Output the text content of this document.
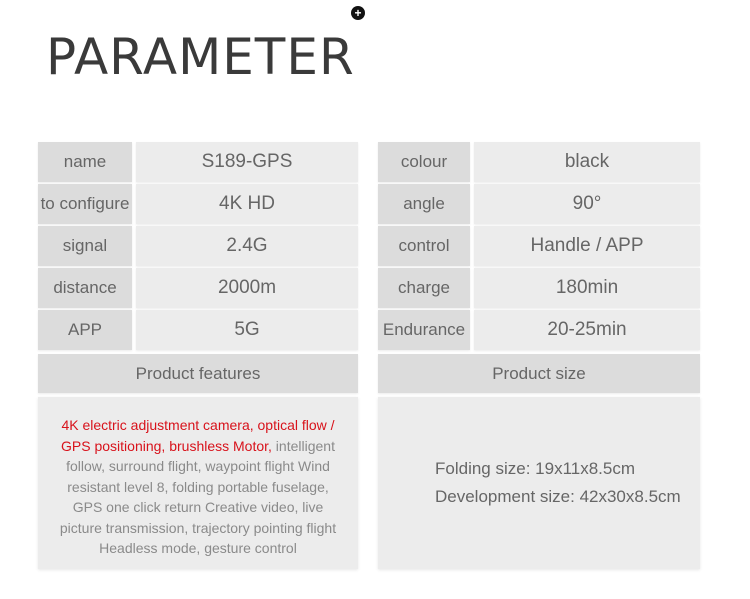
+
PARAMETER
name	S189-GPS
to configure	4K HD
signal	2.4G
distance	2000m
APP	5G
colour	black
angle	90°
control	Handle / APP
charge	180min
Endurance	20-25min
Product features	Product size
4K electric adjustment camera, optical flow / GPS positioning, brushless Motor, intelligent follow, surround flight, waypoint flight Wind resistant level 8, folding portable fuselage, GPS one click return Creative video, live picture transmission, trajectory pointing flight Headless mode, gesture control
Folding size: 19x11x8.5cm
Development size: 42x30x8.5cm
